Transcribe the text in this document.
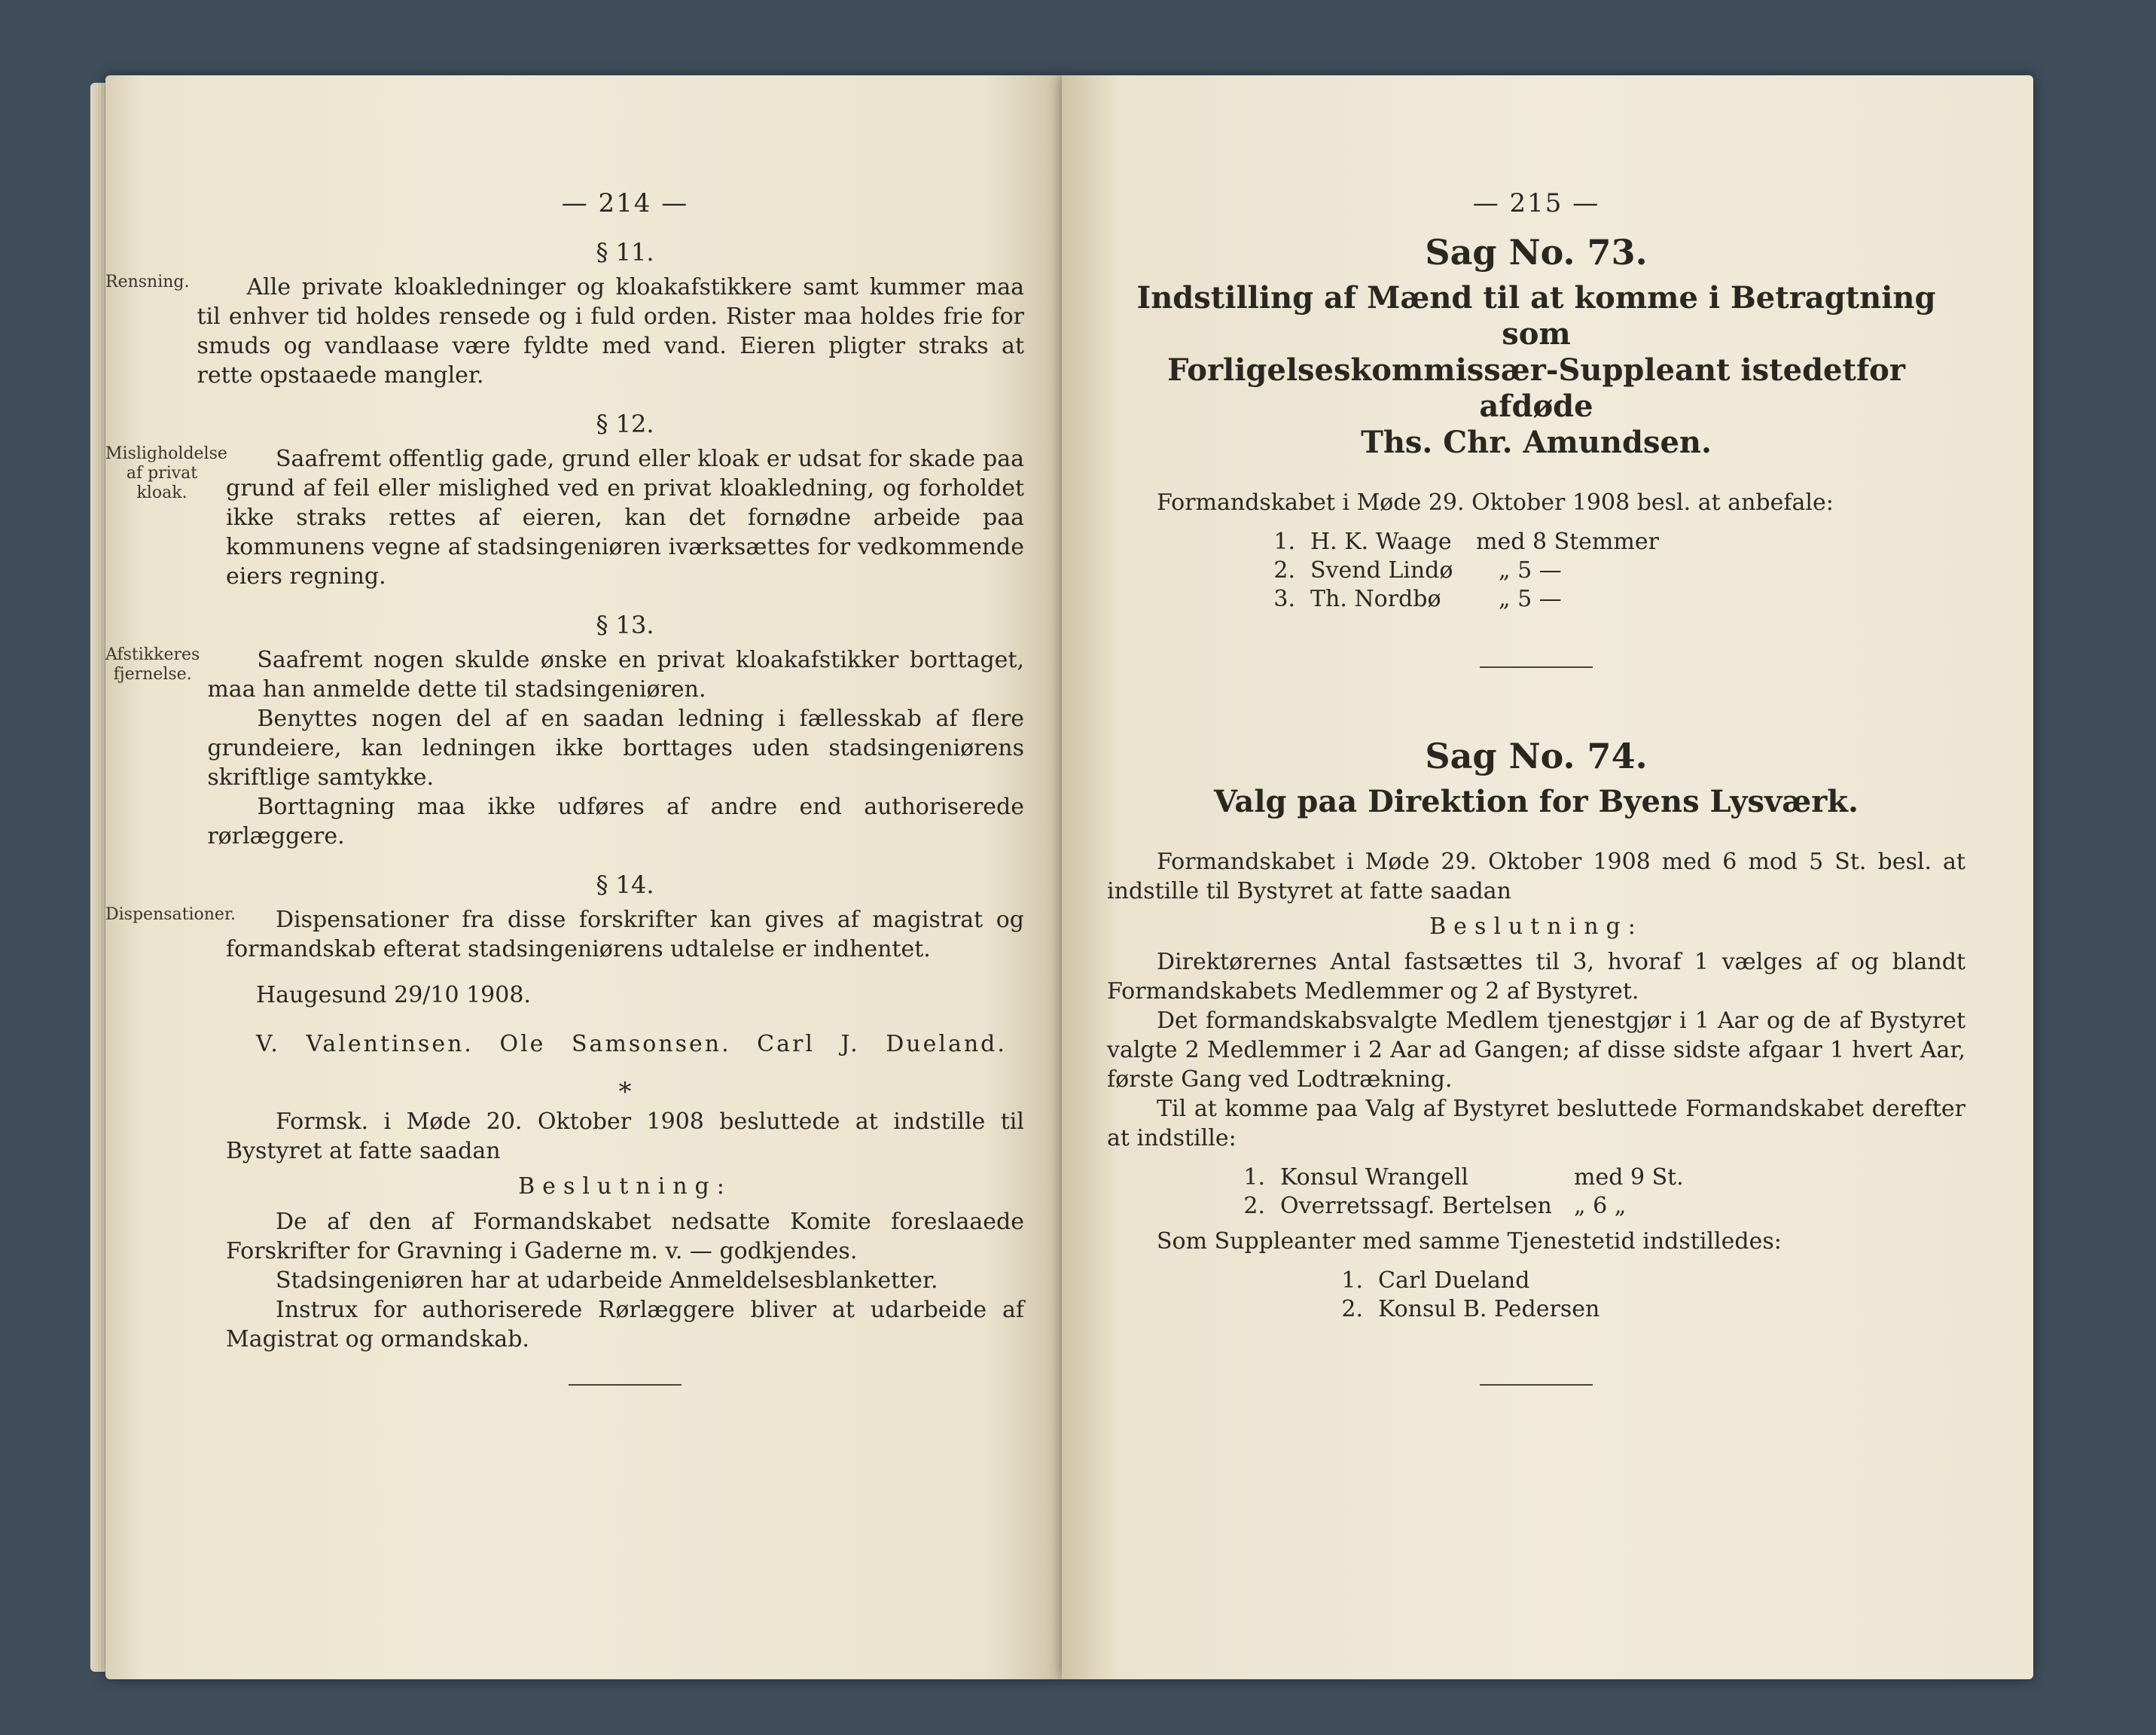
— 214 —
§ 11.
Rensning.	Alle private kloakledninger og kloakafstikkere samt kummer maa til enhver tid holdes rensede og i fuld orden. Rister maa holdes frie for smuds og vandlaase være fyldte med vand. Eieren pligter straks at rette opstaaede mangler.

§ 12.
Misligholdelse af privat kloak.

Saafremt offentlig gade, grund eller kloak er udsat for skade paa grund af feil eller mislighed ved en privat kloakledning, og forholdet ikke straks rettes af eieren, kan det fornødne arbeide paa kommunens vegne af stadsingeniøren iværksættes for vedkommende eiers regning.

§ 13.
Afstikkeres fjernelse.

Saafremt nogen skulde ønske en privat kloakafstikker borttaget, maa han anmelde dette til stadsingeniøren.

Benyttes nogen del af en saadan ledning i fællesskab af flere grundeiere, kan ledningen ikke borttages uden stadsingeniørens skriftlige samtykke.

Borttagning maa ikke udføres af andre end authoriserede rørlæggere.

§ 14.
Dispensationer.	Dispensationer fra disse forskrifter kan gives af magistrat og formandskab efterat stadsingeniørens udtalelse er indhentet.

Haugesund 29/10 1908.
V. Valentinsen. Ole Samsonsen. Carl J. Dueland.
*

Formsk. i Møde 20. Oktober 1908 besluttede at indstille til Bystyret at fatte saadan

Beslutning:

De af den af Formandskabet nedsatte Komite foreslaaede Forskrifter for Gravning i Gaderne m. v. — godkjendes.

Stadsingeniøren har at udarbeide Anmeldelsesblanketter.

Instrux for authoriserede Rørlæggere bliver at udarbeide af Magistrat og ormandskab.

— 215 —
Sag No. 73.

Indstilling af Mænd til at komme i Betragtning som

Forligelseskommissær-Suppleant istedetfor afdøde

Ths. Chr. Amundsen.

Formandskabet i Møde 29. Oktober 1908 besl. at anbefale:

1. H. K. Waage	med 8 Stemmer
2. Svend Lindø	„ 5 —
3. Th. Nordbø	„ 5 —
Sag No. 74.

Valg paa Direktion for Byens Lysværk.

Formandskabet i Møde 29. Oktober 1908 med 6 mod 5 St. besl. at indstille til Bystyret at fatte saadan

Beslutning:

Direktørernes Antal fastsættes til 3, hvoraf 1 vælges af og blandt Formandskabets Medlemmer og 2 af Bystyret.

Det formandskabsvalgte Medlem tjenestgjør i 1 Aar og de af Bystyret valgte 2 Medlemmer i 2 Aar ad Gangen; af disse sidste afgaar 1 hvert Aar, første Gang ved Lodtrækning.

Til at komme paa Valg af Bystyret besluttede Formandskabet derefter at indstille:

1. Konsul Wrangell	med 9 St.
2. Overretssagf. Bertelsen „ 6 „

Som Suppleanter med samme Tjenestetid indstilledes:

1. Carl Dueland
2. Konsul B. Pedersen
